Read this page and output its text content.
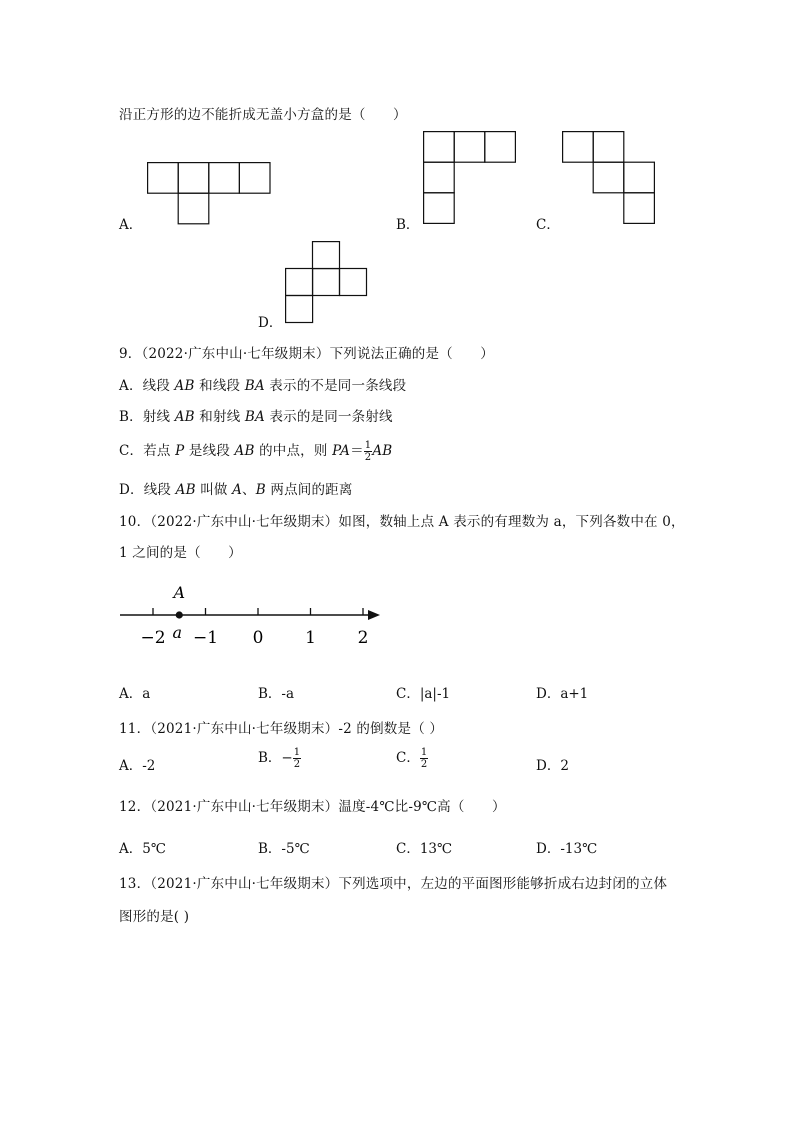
沿正方形的边不能折成无盖小方盒的是（　　）
A．	B．	C．
D．
9．（2022·广东中山·七年级期末）下列说法正确的是（　　）
A．线段 AB 和线段 BA 表示的不是同一条线段
B．射线 AB 和射线 BA 表示的是同一条射线
C．若点 P 是线段 AB 的中点，则 $PA= \frac{1}{2}$ AB
D．线段 AB 叫做 A、B 两点间的距离
10．（2022·广东中山·七年级期末）如图，数轴上点 A 表示的有理数为 a，下列各数中在 0，
1 之间的是（　　）
−2 −1 0 1 2
A
a
A．a	B．-a	C．|a|-1	D．a+1
11．（2021·广东中山·七年级期末）-2 的倒数是（ ）
A．-2	B．− $\frac{1}{2}$	C． $\frac{1}{2}$	D．2
12．（2021·广东中山·七年级期末）温度-4℃比-9℃高（　　）
A．5℃	B．-5℃	C．13℃	D．-13℃
13．（2021·广东中山·七年级期末）下列选项中，左边的平面图形能够折成右边封闭的立体
图形的是( )
